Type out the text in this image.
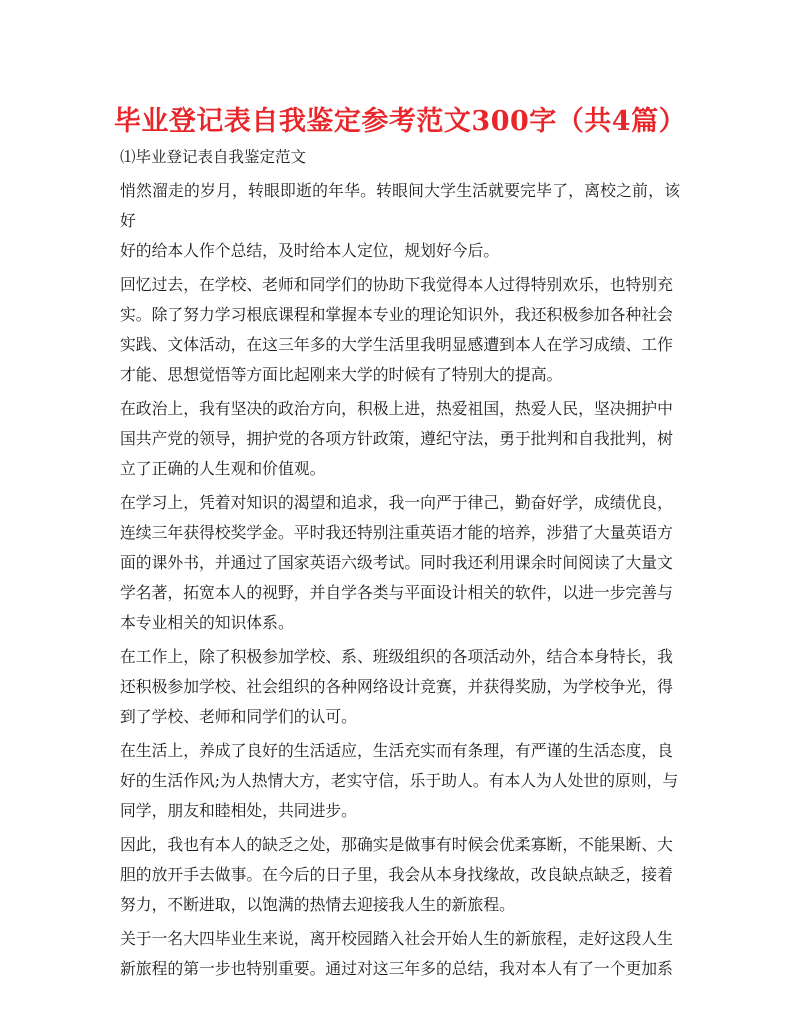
毕业登记表自我鉴定参考范文300字（共4篇）
⑴毕业登记表自我鉴定范文

悄然溜走的岁月，转眼即逝的年华。转眼间大学生活就要完毕了，离校之前，该好
好的给本人作个总结，及时给本人定位，规划好今后。

回忆过去，在学校、老师和同学们的协助下我觉得本人过得特别欢乐，也特别充
实。除了努力学习根底课程和掌握本专业的理论知识外，我还积极参加各种社会
实践、文体活动，在这三年多的大学生活里我明显感遭到本人在学习成绩、工作
才能、思想觉悟等方面比起刚来大学的时候有了特别大的提高。

在政治上，我有坚决的政治方向，积极上进，热爱祖国，热爱人民，坚决拥护中
国共产党的领导，拥护党的各项方针政策，遵纪守法，勇于批判和自我批判，树
立了正确的人生观和价值观。

在学习上，凭着对知识的渴望和追求，我一向严于律己，勤奋好学，成绩优良，
连续三年获得校奖学金。平时我还特别注重英语才能的培养，涉猎了大量英语方
面的课外书，并通过了国家英语六级考试。同时我还利用课余时间阅读了大量文
学名著，拓宽本人的视野，并自学各类与平面设计相关的软件，以进一步完善与
本专业相关的知识体系。

在工作上，除了积极参加学校、系、班级组织的各项活动外，结合本身特长，我
还积极参加学校、社会组织的各种网络设计竞赛，并获得奖励，为学校争光，得
到了学校、老师和同学们的认可。

在生活上，养成了良好的生活适应，生活充实而有条理，有严谨的生活态度，良
好的生活作风;为人热情大方，老实守信，乐于助人。有本人为人处世的原则，与
同学，朋友和睦相处，共同进步。

因此，我也有本人的缺乏之处，那确实是做事有时候会优柔寡断，不能果断、大
胆的放开手去做事。在今后的日子里，我会从本身找缘故，改良缺点缺乏，接着
努力，不断进取，以饱满的热情去迎接我人生的新旅程。

关于一名大四毕业生来说，离开校园踏入社会开始人生的新旅程，走好这段人生
新旅程的第一步也特别重要。通过对这三年多的总结，我对本人有了一个更加系
